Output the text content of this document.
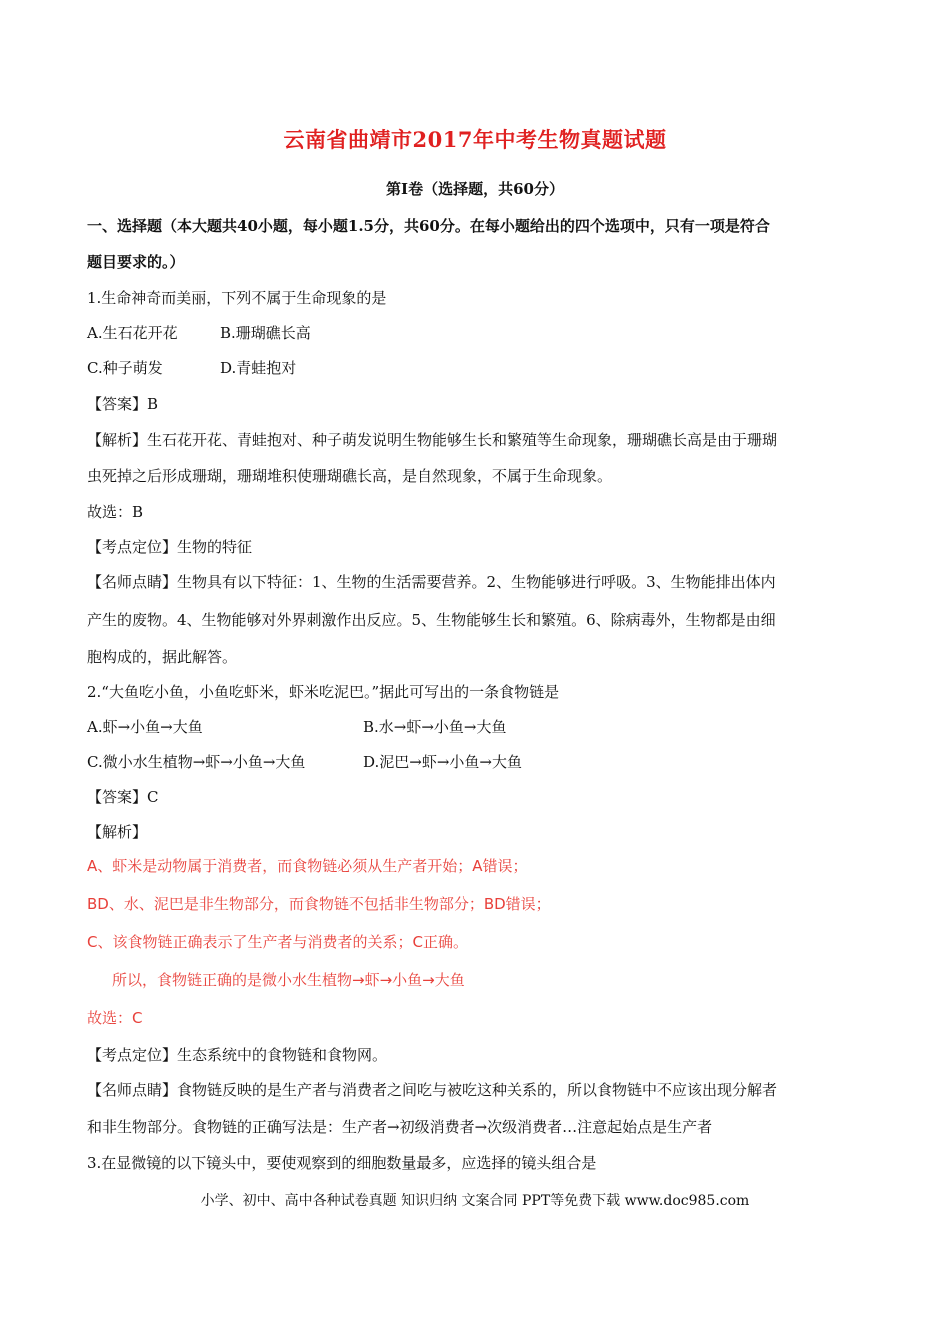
云南省曲靖市2017年中考生物真题试题
第Ⅰ卷（选择题，共60分）
一、选择题（本大题共40小题，每小题1.5分，共60分。在每小题给出的四个选项中，只有一项是符合
题目要求的。）
1.生命神奇而美丽，下列不属于生命现象的是
A.生石花开花	B.珊瑚礁长高
C.种子萌发	D.青蛙抱对
【答案】B
【解析】生石花开花、青蛙抱对、种子萌发说明生物能够生长和繁殖等生命现象，珊瑚礁长高是由于珊瑚
虫死掉之后形成珊瑚，珊瑚堆积使珊瑚礁长高，是自然现象，不属于生命现象。
故选：B
【考点定位】生物的特征
【名师点睛】生物具有以下特征：1、生物的生活需要营养。2、生物能够进行呼吸。3、生物能排出体内
产生的废物。4、生物能够对外界刺激作出反应。5、生物能够生长和繁殖。6、除病毒外，生物都是由细
胞构成的，据此解答。
2.“大鱼吃小鱼，小鱼吃虾米，虾米吃泥巴。”据此可写出的一条食物链是
A.虾→小鱼→大鱼	B.水→虾→小鱼→大鱼
C.微小水生植物→虾→小鱼→大鱼	D.泥巴→虾→小鱼→大鱼
【答案】C
【解析】
A、虾米是动物属于消费者，而食物链必须从生产者开始；A错误；
BD、水、泥巴是非生物部分，而食物链不包括非生物部分；BD错误；
C、该食物链正确表示了生产者与消费者的关系；C正确。
所以，食物链正确的是微小水生植物→虾→小鱼→大鱼
故选：C
【考点定位】生态系统中的食物链和食物网。
【名师点睛】食物链反映的是生产者与消费者之间吃与被吃这种关系的，所以食物链中不应该出现分解者
和非生物部分。食物链的正确写法是：生产者→初级消费者→次级消费者…注意起始点是生产者
3.在显微镜的以下镜头中，要使观察到的细胞数量最多，应选择的镜头组合是
小学、初中、高中各种试卷真题 知识归纳 文案合同 PPT等免费下载 www.doc985.com
